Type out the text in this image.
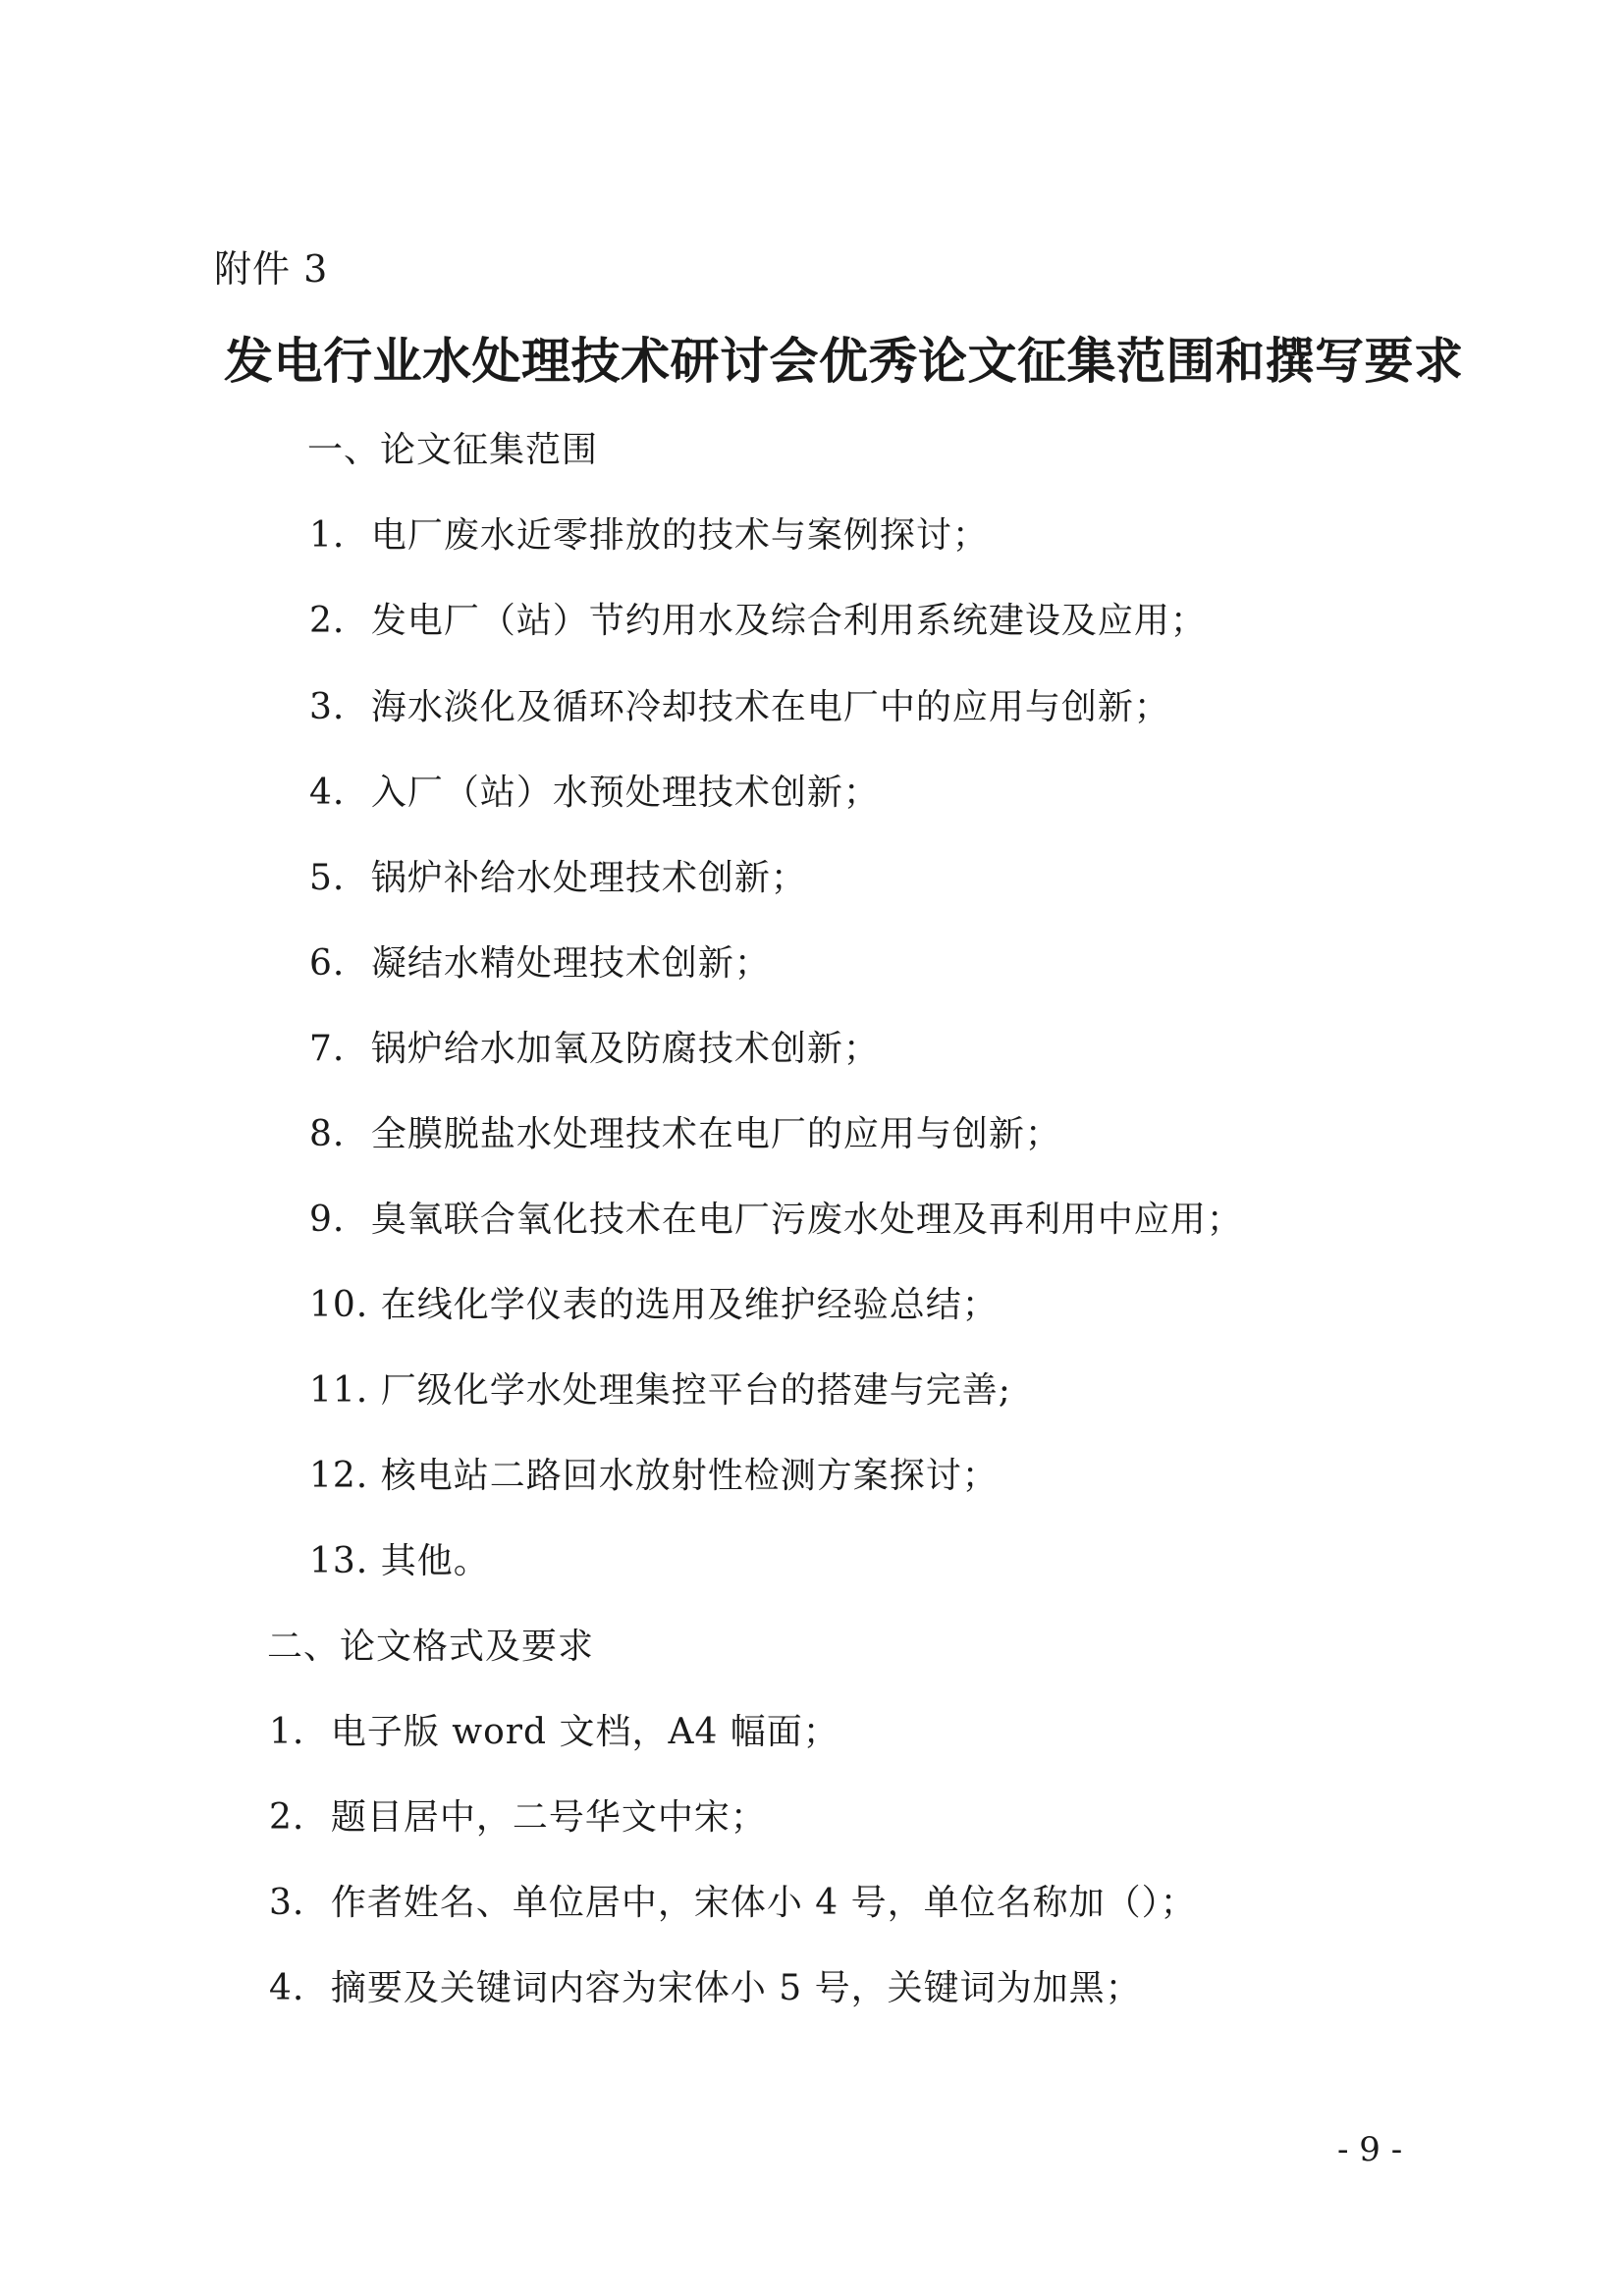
附件 3
发电行业水处理技术研讨会优秀论文征集范围和撰写要求
一、论文征集范围
1. 电厂废水近零排放的技术与案例探讨；
2. 发电厂（站）节约用水及综合利用系统建设及应用；
3. 海水淡化及循环冷却技术在电厂中的应用与创新；
4. 入厂（站）水预处理技术创新；
5. 锅炉补给水处理技术创新；
6. 凝结水精处理技术创新；
7. 锅炉给水加氧及防腐技术创新；
8. 全膜脱盐水处理技术在电厂的应用与创新；
9. 臭氧联合氧化技术在电厂污废水处理及再利用中应用；
10. 在线化学仪表的选用及维护经验总结；
11. 厂级化学水处理集控平台的搭建与完善;
12. 核电站二路回水放射性检测方案探讨；
13. 其他。
二、论文格式及要求
1. 电子版 word 文档，A4 幅面；
2. 题目居中，二号华文中宋；
3. 作者姓名、单位居中，宋体小 4 号，单位名称加（）；
4. 摘要及关键词内容为宋体小 5 号，关键词为加黑；
- 9 -
